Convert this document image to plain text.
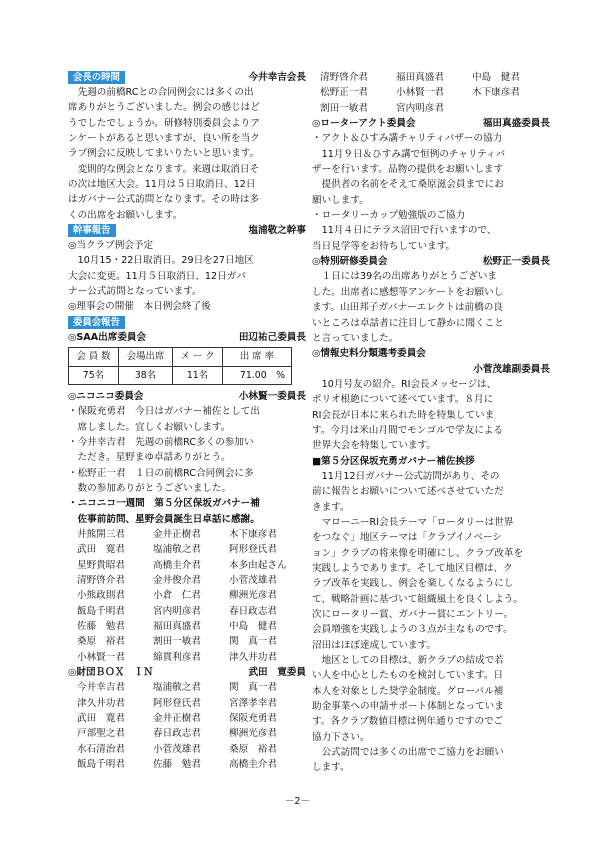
会長の時間	今井幸吉会長

先週の前橋RCとの合同例会には多くの出

席ありがとうございました。例会の感じはど

うでしたでしょうか。研修特別委員会よりア

ンケートがあると思いますが、良い所を当ク

ラブ例会に反映してまいりたいと思います。

変則的な例会となります。来週は取消日そ

の次は地区大会。11月は５日取消日、12日

はガバナー公式訪問となります。その時は多

くの出席をお願いします。

幹事報告	塩浦敬之幹事

◎当クラブ例会予定

10月15・22日取消日。29日を27日地区

大会に変更。11月５日取消日、12日ガバ

ナー公式訪問となっています。

◎理事会の開催　本日例会終了後

委員会報告
◎SAA出席委員会	田辺祐己委員長
会 員 数	会場出席	メ ー ク	出 席 率
75名	38名	11名	71.00　%
◎ニコニコ委員会	小林賢一委員長

・保阪充勇君　今日はガバナー補佐として出

席しました。宜しくお願いします。

・今井幸吉君　先週の前橋RC多くの参加い

ただき。星野まゆ卓話ありがとう。

・松野正一君　１日の前橋RC合同例会に多

数の参加ありがとうございました。

・ニコニコ一週間　第５分区保坂ガバナー補

佐事前訪問、星野会員誕生日卓話に感謝。

井熊開三君	金井正樹君	木下康彦君
武田　寛君	塩浦敬之君	阿形登氏君
星野貴昭君	高橋圭介君	本多由起さん
清野啓介君	金井俊介君	小菅茂雄君
小熊政則君	小倉　仁君	柳洲光彦君
飯島千明君	宮内明彦君	春日政志君
佐藤　勉君	福田真盛君	中島　健君
桑原　裕君	割田一敏君	関　真一君
小林賢一君	綿貫利彦君	津久井功君
◎財団ＢＯＸ　ＩＮ	武田　寛委員
今井幸吉君	塩浦敬之君	関　真一君
津久井功君	阿形登氏君	宮澤孝幸君
武田　寛君	金井正樹君	保阪充勇君
戸部聖之君	春日政志君	柳洲光彦君
水石清治君	小菅茂雄君	桑原　裕君
飯島千明君	佐藤　勉君	高橋圭介君
清野啓介君	福田真盛君	中島　健君
松野正一君	小林賢一君	木下康彦君
割田一敏君	宮内明彦君
◎ローターアクト委員会	福田真盛委員長

・アクト＆ひすみ講チャリティバザーの協力

11月９日＆ひすみ講で恒例のチャリティバ

ザーを行います。品物の提供をお願いします

提供者の名前をそえて桑原滋会員までにお

願いします。

・ロータリーカップ勉強版のご協力

11月４日にテラス沼田で行いますので、

当日見学等をお待ちしています。

◎特別研修委員会	松野正一委員長

１日には39名の出席ありがとうございま

した。出席者に感想等アンケートをお願いし

ます。山田邦子ガバナーエレクトは前橋の良

いところは卓話者に注目して静かに聞くこと

と言っていました。

◎情報史料分類選考委員会
小菅茂雄副委員長

10月号友の紹介。RI会長メッセージは、

ポリオ根絶について述べています。８月に

RI会長が日本に来られた時を特集していま

す。今月は米山月間でモンゴルで学友による

世界大会を特集しています。

■第５分区保坂充勇ガバナー補佐挨拶

11月12日ガバナー公式訪問があり、その

前に報告とお願いについて述べさせていただ

きます。

マローニーRI会長テーマ「ロータリーは世界

をつなぐ」地区テーマは「クラブイノベーシ

ョン」クラブの将来像を明確にし、クラブ改革を

実践しようであります。そして地区目標は、ク

ラブ改革を実践し、例会を楽しくなるようにし

て、戦略計画に基づいて組織風土を良くしよう。

次にロータリー賞、ガバナー賞にエントリー。

会員増強を実践しようの３点が主なものです。

沼田はほぼ達成しています。

地区としての目標は、新クラブの結成で若

い人を中心としたものを検討しています。日

本人を対象とした奨学金制度。グローバル補

助金事業への申請サポート体制となっていま

す。各クラブ数値目標は例年通りですのでご

協力下さい。

公式訪問では多くの出席でご協力をお願い

します。

－2－
